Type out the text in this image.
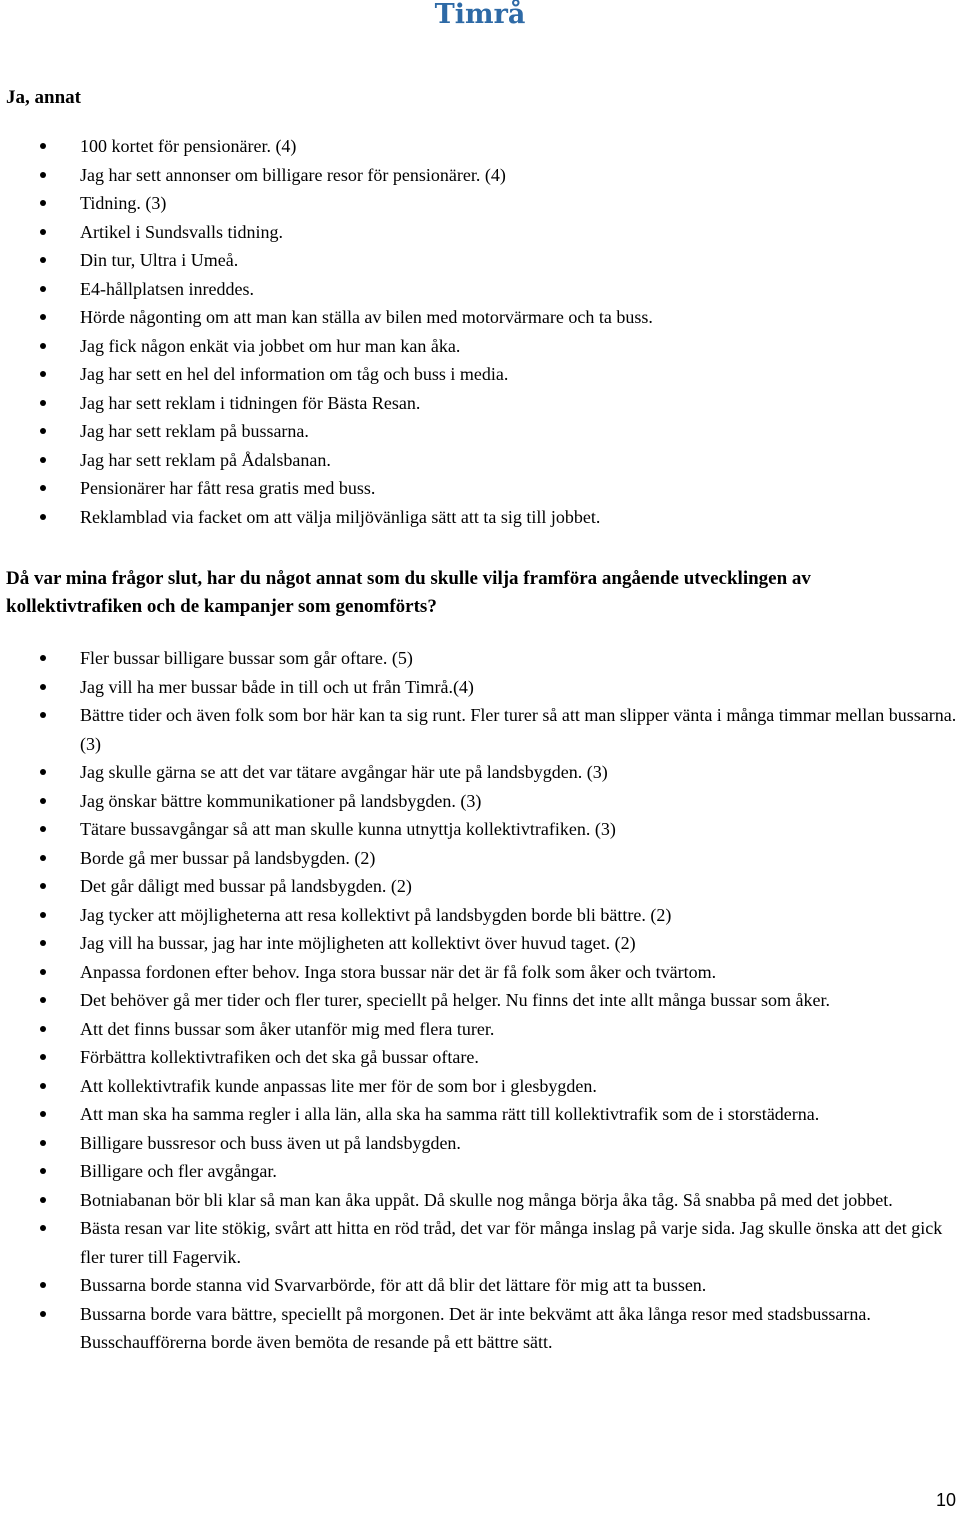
Timrå
Ja, annat
100 kortet för pensionärer. (4)
Jag har sett annonser om billigare resor för pensionärer. (4)
Tidning. (3)
Artikel i Sundsvalls tidning.
Din tur, Ultra i Umeå.
E4-hållplatsen inreddes.
Hörde någonting om att man kan ställa av bilen med motorvärmare och ta buss.
Jag fick någon enkät via jobbet om hur man kan åka.
Jag har sett en hel del information om tåg och buss i media.
Jag har sett reklam i tidningen för Bästa Resan.
Jag har sett reklam på bussarna.
Jag har sett reklam på Ådalsbanan.
Pensionärer har fått resa gratis med buss.
Reklamblad via facket om att välja miljövänliga sätt att ta sig till jobbet.
Då var mina frågor slut, har du något annat som du skulle vilja framföra angående utvecklingen av kollektivtrafiken och de kampanjer som genomförts?
Fler bussar billigare bussar som går oftare. (5)
Jag vill ha mer bussar både in till och ut från Timrå.(4)
Bättre tider och även folk som bor här kan ta sig runt. Fler turer så att man slipper vänta i många timmar mellan bussarna. (3)
Jag skulle gärna se att det var tätare avgångar här ute på landsbygden. (3)
Jag önskar bättre kommunikationer på landsbygden. (3)
Tätare bussavgångar så att man skulle kunna utnyttja kollektivtrafiken. (3)
Borde gå mer bussar på landsbygden. (2)
Det går dåligt med bussar på landsbygden. (2)
Jag tycker att möjligheterna att resa kollektivt på landsbygden borde bli bättre. (2)
Jag vill ha bussar, jag har inte möjligheten att kollektivt över huvud taget. (2)
Anpassa fordonen efter behov. Inga stora bussar när det är få folk som åker och tvärtom.
Det behöver gå mer tider och fler turer, speciellt på helger. Nu finns det inte allt många bussar som åker.
Att det finns bussar som åker utanför mig med flera turer.
Förbättra kollektivtrafiken och det ska gå bussar oftare.
Att kollektivtrafik kunde anpassas lite mer för de som bor i glesbygden.
Att man ska ha samma regler i alla län, alla ska ha samma rätt till kollektivtrafik som de i storstäderna.
Billigare bussresor och buss även ut på landsbygden.
Billigare och fler avgångar.
Botniabanan bör bli klar så man kan åka uppåt. Då skulle nog många börja åka tåg. Så snabba på med det jobbet.
Bästa resan var lite stökig, svårt att hitta en röd tråd, det var för många inslag på varje sida. Jag skulle önska att det gick fler turer till Fagervik.
Bussarna borde stanna vid Svarvarbörde, för att då blir det lättare för mig att ta bussen.
Bussarna borde vara bättre, speciellt på morgonen. Det är inte bekvämt att åka långa resor med stadsbussarna. Busschaufförerna borde även bemöta de resande på ett bättre sätt.
10
